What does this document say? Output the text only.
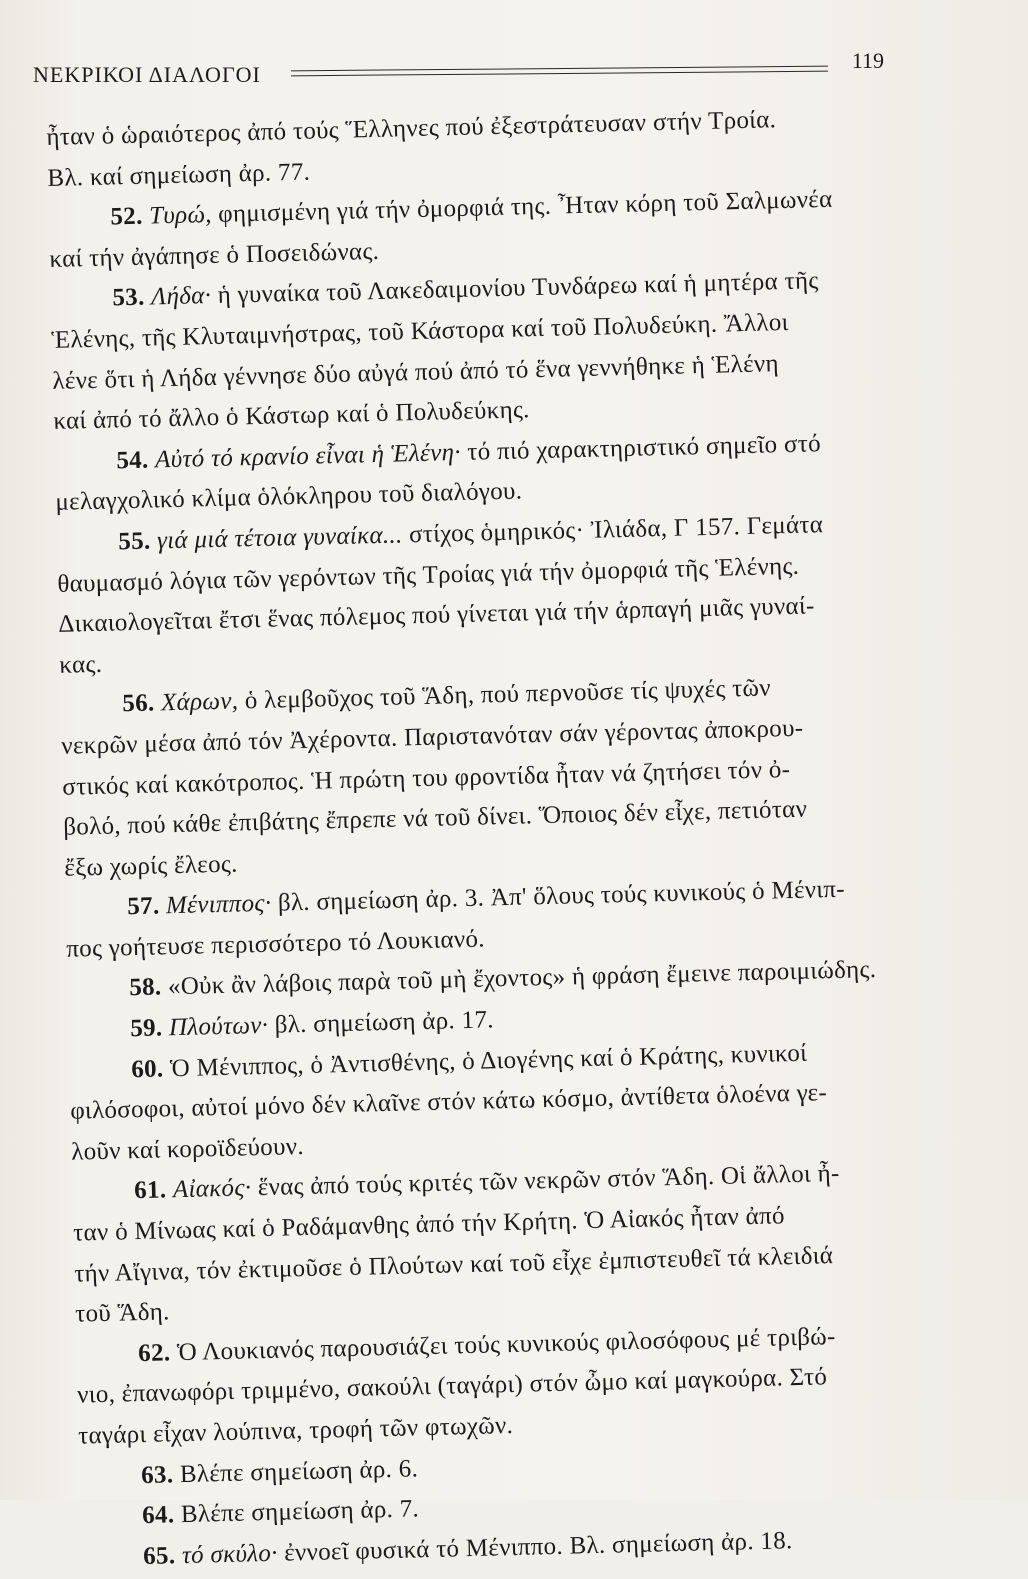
ΝΕΚΡΙΚΟΙ ΔΙΑΛΟΓΟΙ
119
ἦταν ὁ ὡραιότερος ἀπό τούς Ἕλληνες πού ἐξεστράτευσαν στήν Τροία.
Βλ. καί σημείωση ἀρ. 77.
52. Τυρώ, φημισμένη γιά τήν ὀμορφιά της. Ἦταν κόρη τοῦ Σαλμωνέα
καί τήν ἀγάπησε ὁ Ποσειδώνας.
53. Λήδα· ἡ γυναίκα τοῦ Λακεδαιμονίου Τυνδάρεω καί ἡ μητέρα τῆς
Ἑλένης, τῆς Κλυταιμνήστρας, τοῦ Κάστορα καί τοῦ Πολυδεύκη. Ἄλλοι
λένε ὅτι ἡ Λήδα γέννησε δύο αὐγά πού ἀπό τό ἕνα γεννήθηκε ἡ Ἑλένη
καί ἀπό τό ἄλλο ὁ Κάστωρ καί ὁ Πολυδεύκης.
54. Αὐτό τό κρανίο εἶναι ἡ Ἑλένη· τό πιό χαρακτηριστικό σημεῖο στό
μελαγχολικό κλίμα ὁλόκληρου τοῦ διαλόγου.
55. γιά μιά τέτοια γυναίκα... στίχος ὁμηρικός· Ἰλιάδα, Γ 157. Γεμάτα
θαυμασμό λόγια τῶν γερόντων τῆς Τροίας γιά τήν ὀμορφιά τῆς Ἑλένης.
Δικαιολογεῖται ἔτσι ἕνας πόλεμος πού γίνεται γιά τήν ἁρπαγή μιᾶς γυναί-
κας.
56. Χάρων, ὁ λεμβοῦχος τοῦ Ἅδη, πού περνοῦσε τίς ψυχές τῶν
νεκρῶν μέσα ἀπό τόν Ἀχέροντα. Παριστανόταν σάν γέροντας ἀποκρου-
στικός καί κακότροπος. Ἡ πρώτη του φροντίδα ἦταν νά ζητήσει τόν ὀ-
βολό, πού κάθε ἐπιβάτης ἔπρεπε νά τοῦ δίνει. Ὅποιος δέν εἶχε, πετιόταν
ἔξω χωρίς ἔλεος.
57. Μένιππος· βλ. σημείωση ἀρ. 3. Ἀπ' ὅλους τούς κυνικούς ὁ Μένιπ-
πος γοήτευσε περισσότερο τό Λουκιανό.
58. «Οὐκ ἂν λάβοις παρὰ τοῦ μὴ ἔχοντος» ἡ φράση ἔμεινε παροιμιώδης.
59. Πλούτων· βλ. σημείωση ἀρ. 17.
60. Ὁ Μένιππος, ὁ Ἀντισθένης, ὁ Διογένης καί ὁ Κράτης, κυνικοί
φιλόσοφοι, αὐτοί μόνο δέν κλαῖνε στόν κάτω κόσμο, ἀντίθετα ὁλοένα γε-
λοῦν καί κοροϊδεύουν.
61. Αἰακός· ἕνας ἀπό τούς κριτές τῶν νεκρῶν στόν Ἅδη. Οἱ ἄλλοι ἦ-
ταν ὁ Μίνωας καί ὁ Ραδάμανθης ἀπό τήν Κρήτη. Ὁ Αἰακός ἦταν ἀπό
τήν Αἴγινα, τόν ἐκτιμοῦσε ὁ Πλούτων καί τοῦ εἶχε ἐμπιστευθεῖ τά κλειδιά
τοῦ Ἅδη.
62. Ὁ Λουκιανός παρουσιάζει τούς κυνικούς φιλοσόφους μέ τριβώ-
νιο, ἐπανωφόρι τριμμένο, σακούλι (ταγάρι) στόν ὦμο καί μαγκούρα. Στό
ταγάρι εἶχαν λούπινα, τροφή τῶν φτωχῶν.
63. Βλέπε σημείωση ἀρ. 6.
64. Βλέπε σημείωση ἀρ. 7.
65. τό σκύλο· ἐννοεῖ φυσικά τό Μένιππο. Βλ. σημείωση ἀρ. 18.
